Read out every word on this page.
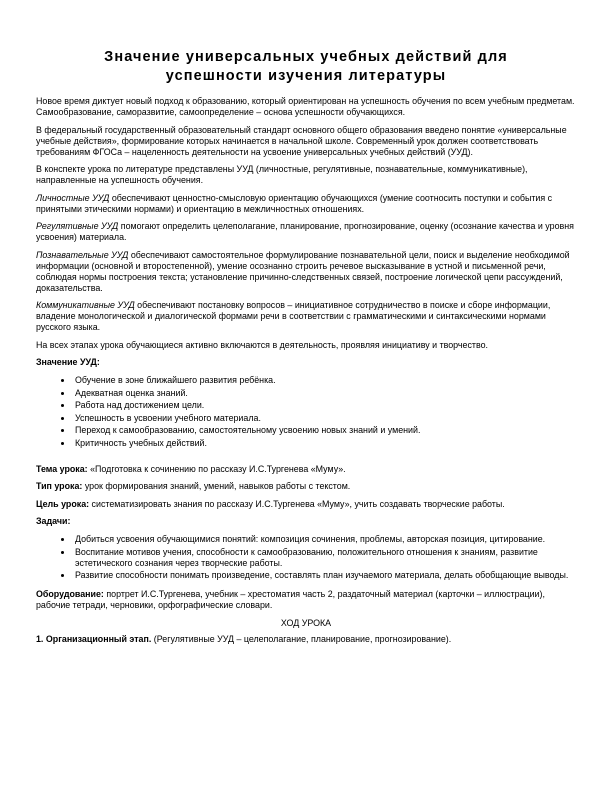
Значение универсальных учебных действий для
успешности изучения литературы

Новое время диктует новый подход к образованию, который ориентирован на успешность обучения по всем учебным предметам. Самообразование, саморазвитие, самоопределение – основа успешности обучающихся.

В федеральный государственный образовательный стандарт основного общего образования введено понятие «универсальные учебные действия», формирование которых начинается в начальной школе. Современный урок должен соответствовать требованиям ФГОСа – нацеленность деятельности на усвоение универсальных учебных действий (УУД).

В конспекте урока по литературе представлены УУД (личностные, регулятивные, познавательные, коммуникативные), направленные на успешность обучения.

Личностные УУД обеспечивают ценностно-смысловую ориентацию обучающихся (умение соотносить поступки и события с принятыми этическими нормами) и ориентацию в межличностных отношениях.

Регулятивные УУД помогают определить целеполагание, планирование, прогнозирование, оценку (осознание качества и уровня усвоения) материала.

Познавательные УУД обеспечивают самостоятельное формулирование познавательной цели, поиск и выделение необходимой информации (основной и второстепенной), умение осознанно строить речевое высказывание в устной и письменной речи, соблюдая нормы построения текста; установление причинно-следственных связей, построение логической цепи рассуждений, доказательства.

Коммуникативные УУД обеспечивают постановку вопросов – инициативное сотрудничество в поиске и сборе информации, владение монологической и диалогической формами речи в соответствии с грамматическими и синтаксическими нормами русского языка.

На всех этапах урока обучающиеся активно включаются в деятельность, проявляя инициативу и творчество.

Значение УУД:

• Обучение в зоне ближайшего развития ребёнка.
• Адекватная оценка знаний.
• Работа над достижением цели.
• Успешность в усвоении учебного материала.
• Переход к самообразованию, самостоятельному усвоению новых знаний и умений.
• Критичность учебных действий.

Тема урока: «Подготовка к сочинению по рассказу И.С.Тургенева «Муму».

Тип урока: урок формирования знаний, умений, навыков работы с текстом.

Цель урока: систематизировать знания по рассказу И.С.Тургенева «Муму», учить создавать творческие работы.

Задачи:

• Добиться усвоения обучающимися понятий: композиция сочинения, проблемы, авторская позиция, цитирование.
• Воспитание мотивов учения, способности к самообразованию, положительного отношения к знаниям, развитие эстетического сознания через творческие работы.
• Развитие способности понимать произведение, составлять план изучаемого материала, делать обобщающие выводы.

Оборудование: портрет И.С.Тургенева, учебник – хрестоматия часть 2, раздаточный материал (карточки – иллюстрации), рабочие тетради, черновики, орфографические словари.

ХОД УРОКА

1. Организационный этап. (Регулятивные УУД – целеполагание, планирование, прогнозирование).
